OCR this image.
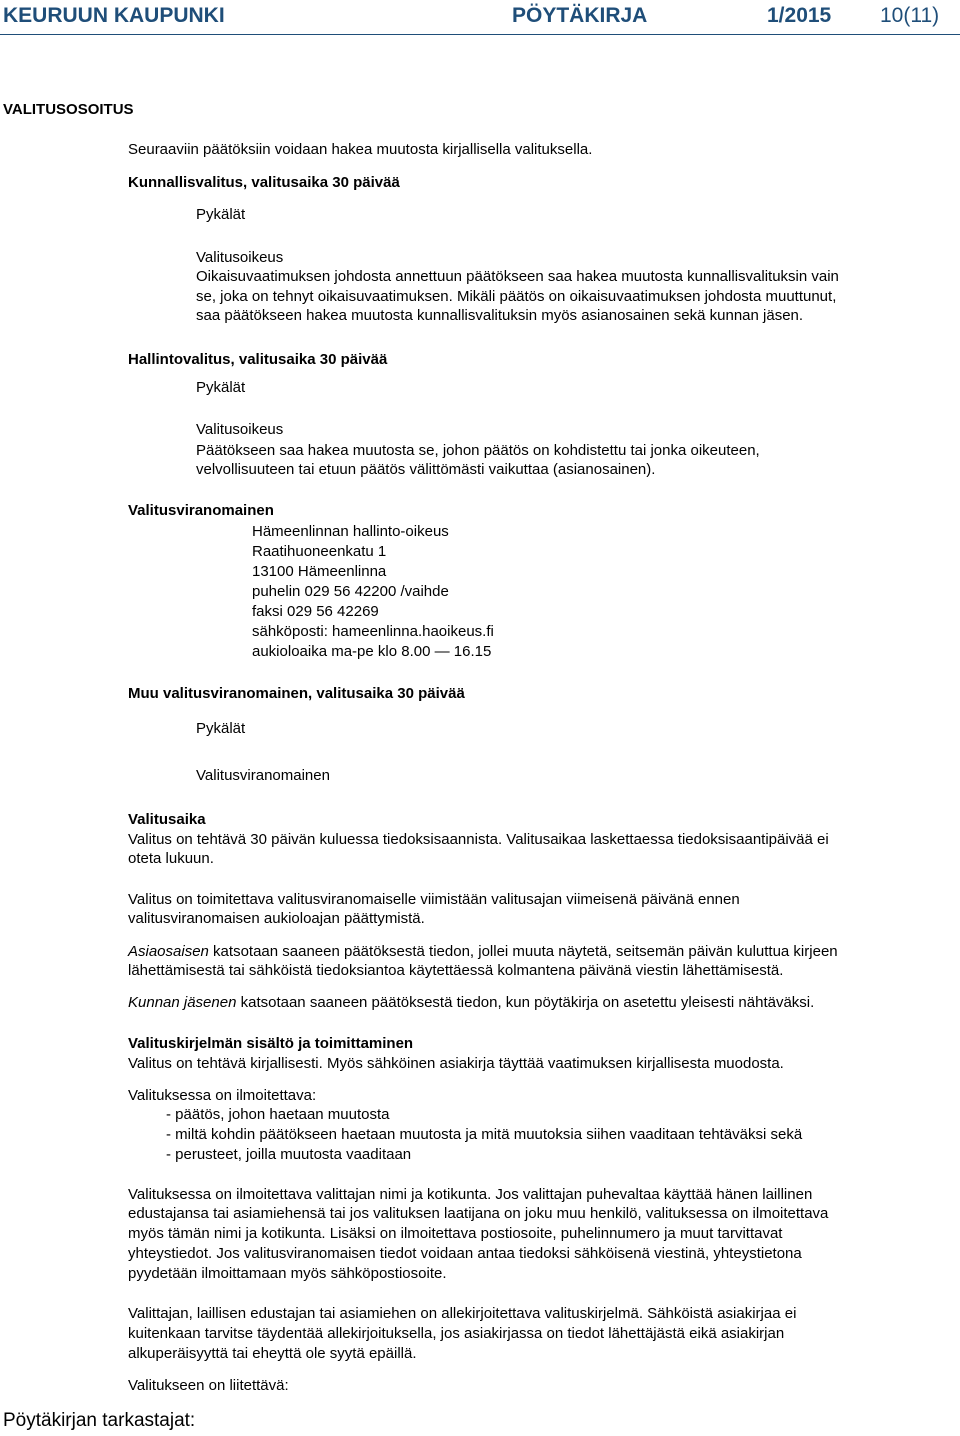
KEURUUN KAUPUNKI	PÖYTÄKIRJA	1/2015 10(11)
VALITUSOSOITUS
Seuraaviin päätöksiin voidaan hakea muutosta kirjallisella valituksella.
Kunnallisvalitus, valitusaika 30 päivää
Pykälät
Valitusoikeus
Oikaisuvaatimuksen johdosta annettuun päätökseen saa hakea muutosta kunnallisvalituksin vain
se, joka on tehnyt oikaisuvaatimuksen. Mikäli päätös on oikaisuvaatimuksen johdosta muuttunut,
saa päätökseen hakea muutosta kunnallisvalituksin myös asianosainen sekä kunnan jäsen.
Hallintovalitus, valitusaika 30 päivää
Pykälät
Valitusoikeus
Päätökseen saa hakea muutosta se, johon päätös on kohdistettu tai jonka oikeuteen,
velvollisuuteen tai etuun päätös välittömästi vaikuttaa (asianosainen).
Valitusviranomainen
Hämeenlinnan hallinto-oikeus
Raatihuoneenkatu 1
13100 Hämeenlinna
puhelin 029 56 42200 /vaihde
faksi 029 56 42269
sähköposti: hameenlinna.haoikeus.fi
aukioloaika ma-pe klo 8.00 — 16.15
Muu valitusviranomainen, valitusaika 30 päivää
Pykälät
Valitusviranomainen
Valitusaika
Valitus on tehtävä 30 päivän kuluessa tiedoksisaannista. Valitusaikaa laskettaessa tiedoksisaantipäivää ei
oteta lukuun.
Valitus on toimitettava valitusviranomaiselle viimistään valitusajan viimeisenä päivänä ennen
valitusviranomaisen aukioloajan päättymistä.
Asiaosaisen katsotaan saaneen päätöksestä tiedon, jollei muuta näytetä, seitsemän päivän kuluttua kirjeen
lähettämisestä tai sähköistä tiedoksiantoa käytettäessä kolmantena päivänä viestin lähettämisestä.
Kunnan jäsenen katsotaan saaneen päätöksestä tiedon, kun pöytäkirja on asetettu yleisesti nähtäväksi.
Valituskirjelmän sisältö ja toimittaminen
Valitus on tehtävä kirjallisesti. Myös sähköinen asiakirja täyttää vaatimuksen kirjallisesta muodosta.
Valituksessa on ilmoitettava:
- päätös, johon haetaan muutosta
- miltä kohdin päätökseen haetaan muutosta ja mitä muutoksia siihen vaaditaan tehtäväksi sekä
- perusteet, joilla muutosta vaaditaan
Valituksessa on ilmoitettava valittajan nimi ja kotikunta. Jos valittajan puhevaltaa käyttää hänen laillinen
edustajansa tai asiamiehensä tai jos valituksen laatijana on joku muu henkilö, valituksessa on ilmoitettava
myös tämän nimi ja kotikunta. Lisäksi on ilmoitettava postiosoite, puhelinnumero ja muut tarvittavat
yhteystiedot. Jos valitusviranomaisen tiedot voidaan antaa tiedoksi sähköisenä viestinä, yhteystietona
pyydetään ilmoittamaan myös sähköpostiosoite.
Valittajan, laillisen edustajan tai asiamiehen on allekirjoitettava valituskirjelmä. Sähköistä asiakirjaa ei
kuitenkaan tarvitse täydentää allekirjoituksella, jos asiakirjassa on tiedot lähettäjästä eikä asiakirjan
alkuperäisyyttä tai eheyttä ole syytä epäillä.
Valitukseen on liitettävä:
Pöytäkirjan tarkastajat:
